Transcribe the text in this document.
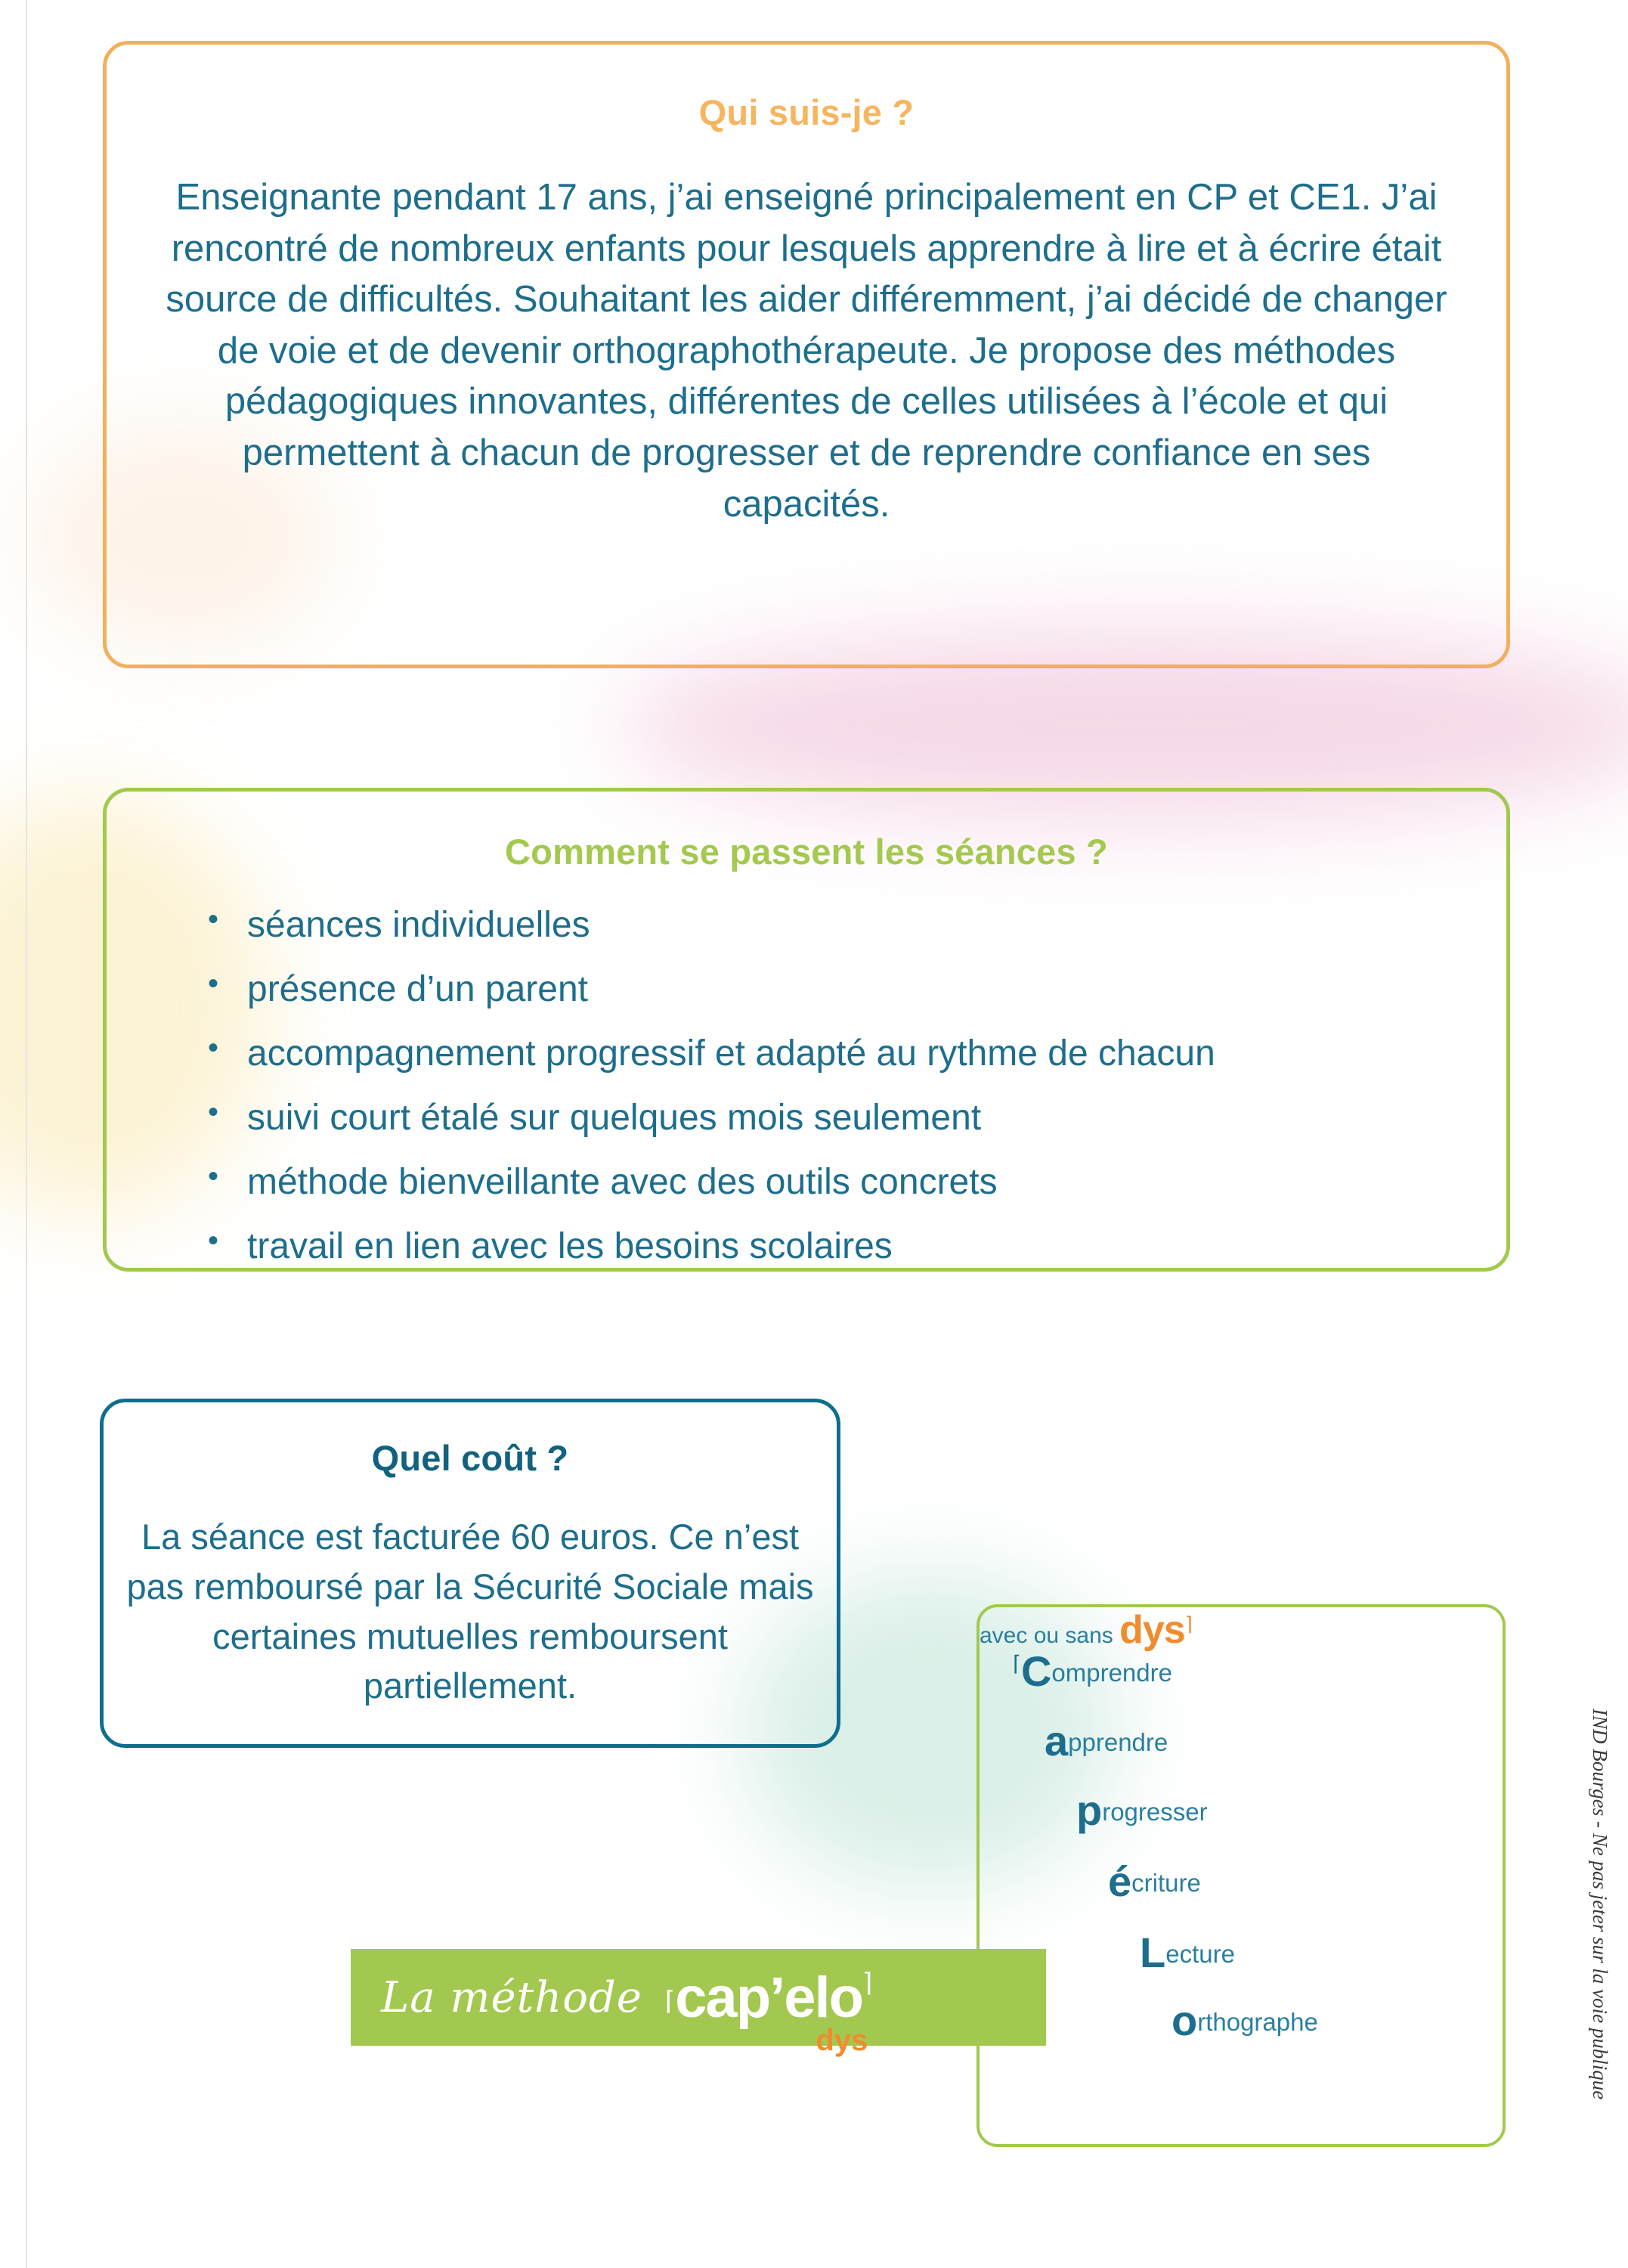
Qui suis-je ?

Enseignante pendant 17 ans, j’ai enseigné principalement en CP et CE1. J’ai rencontré de nombreux enfants pour lesquels apprendre à lire et à écrire était source de difficultés. Souhaitant les aider différemment, j’ai décidé de changer de voie et de devenir orthographothérapeute. Je propose des méthodes pédagogiques innovantes, différentes de celles utilisées à l’école et qui permettent à chacun de progresser et de reprendre confiance en ses capacités.

Comment se passent les séances ?
• séances individuelles
• présence d’un parent
• accompagnement progressif et adapté au rythme de chacun
• suivi court étalé sur quelques mois seulement
• méthode bienveillante avec des outils concrets
• travail en lien avec les besoins scolaires
Quel coût ?

La séance est facturée 60 euros. Ce n’est pas remboursé par la Sécurité Sociale mais certaines mutuelles remboursent partiellement.

⌈Comprendre
apprendre
progresser
écriture
Lecture
orthographe
avec ou sans dys⌉
La méthode ⌈cap’elo⌉
dys	IND Bourges - Ne pas jeter sur la voie publique
